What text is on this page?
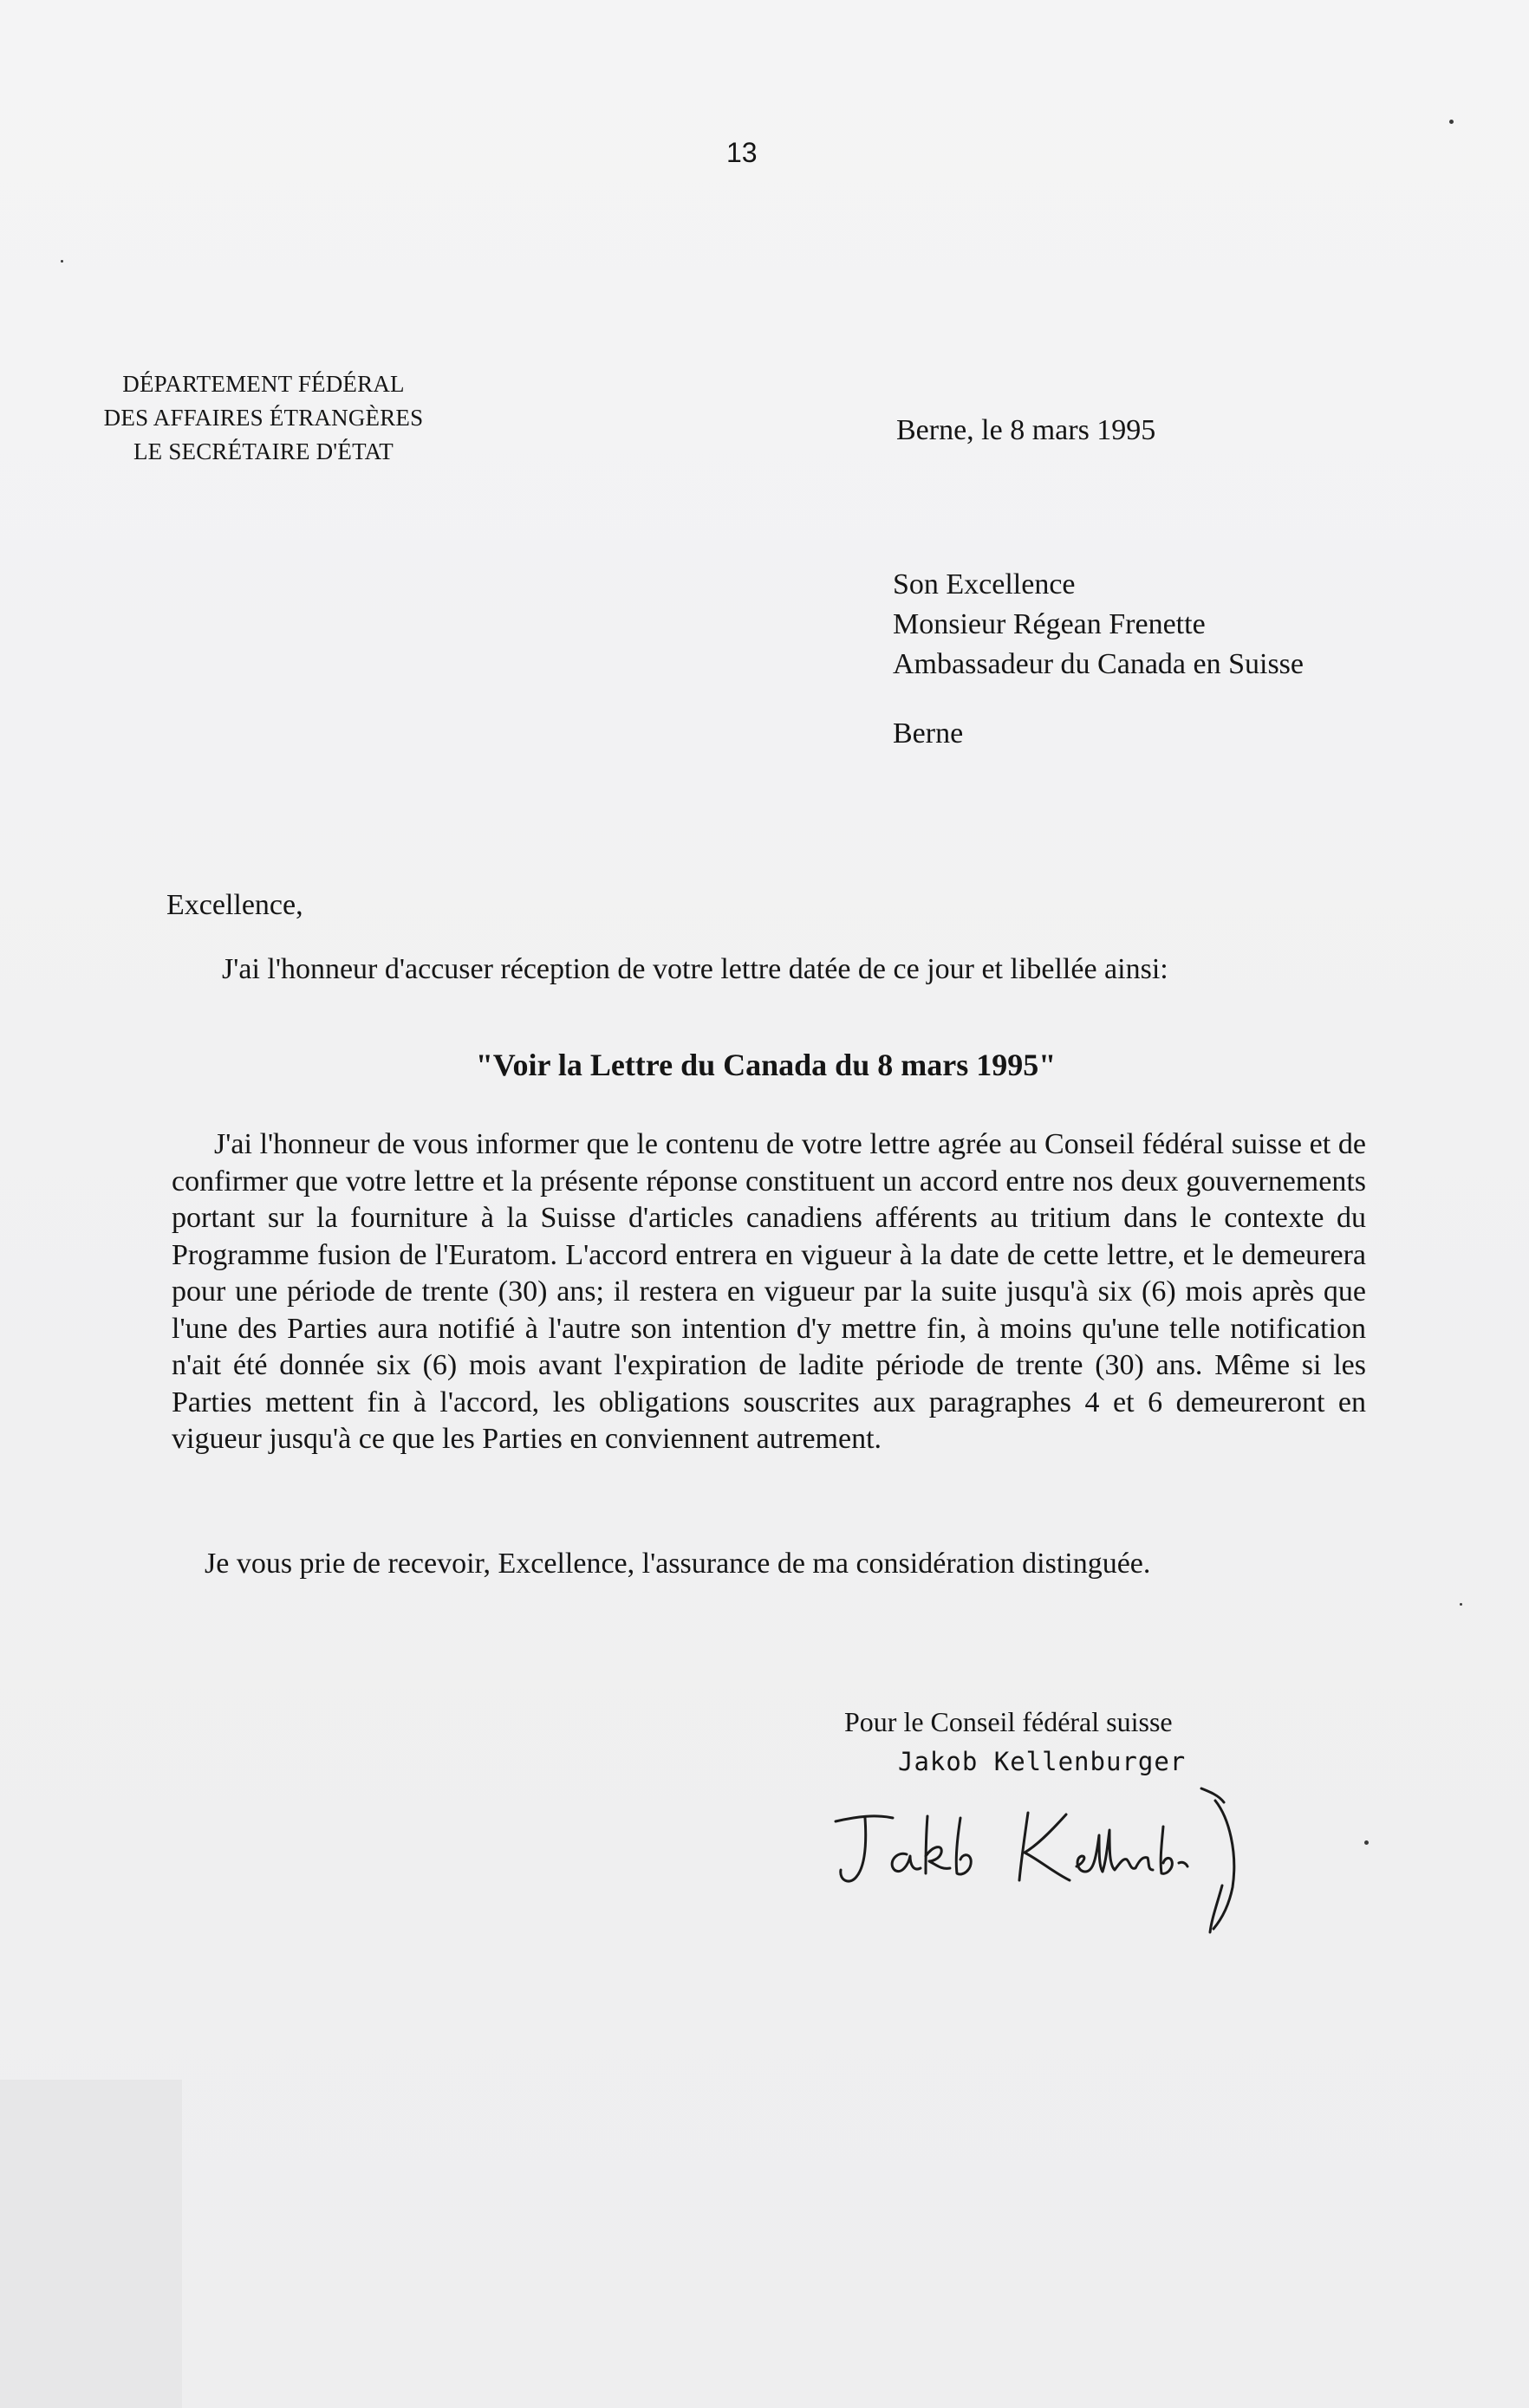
13
DÉPARTEMENT FÉDÉRAL
DES AFFAIRES ÉTRANGÈRES
LE SECRÉTAIRE D'ÉTAT
Berne, le 8 mars 1995
Son Excellence
Monsieur Régean Frenette
Ambassadeur du Canada en Suisse
Berne
Excellence,
J'ai l'honneur d'accuser réception de votre lettre datée de ce jour et libellée ainsi:
"Voir la Lettre du Canada du 8 mars 1995"

J'ai l'honneur de vous informer que le contenu de votre lettre agrée au Conseil fédéral suisse et de confirmer que votre lettre et la présente réponse constituent un accord entre nos deux gouvernements portant sur la fourniture à la Suisse d'articles canadiens afférents au tritium dans le contexte du Programme fusion de l'Euratom. L'accord entrera en vigueur à la date de cette lettre, et le demeurera pour une période de trente (30) ans; il restera en vigueur par la suite jusqu'à six (6) mois après que l'une des Parties aura notifié à l'autre son intention d'y mettre fin, à moins qu'une telle notification n'ait été donnée six (6) mois avant l'expiration de ladite période de trente (30) ans. Même si les Parties mettent fin à l'accord, les obligations souscrites aux paragraphes 4 et 6 demeureront en vigueur jusqu'à ce que les Parties en conviennent autrement.

Je vous prie de recevoir, Excellence, l'assurance de ma considération distinguée.
Pour le Conseil fédéral suisse
Jakob Kellenburger
